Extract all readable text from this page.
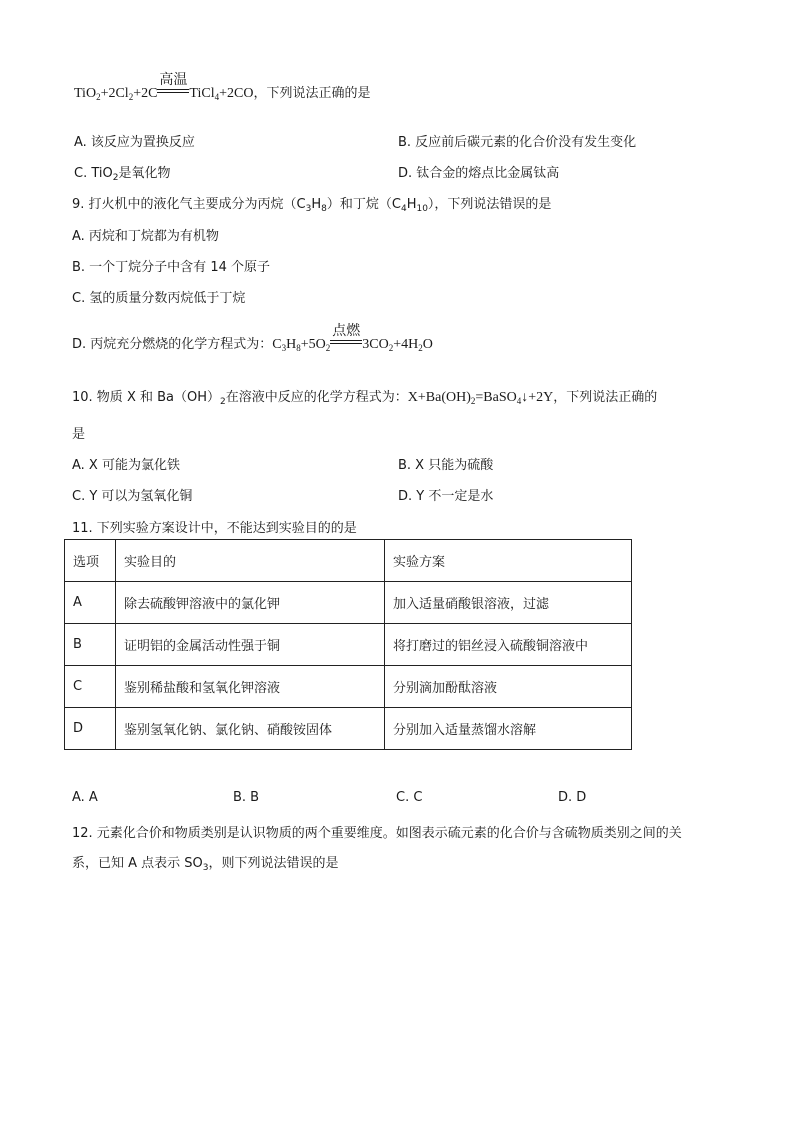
$TiO_2+2Cl_2+2C$
高温
TiCl$_4$+2CO，下列说法正确的是
A. 该反应为置换反应	B. 反应前后碳元素的化合价没有发生变化
C. TiO$_2$是氧化物	D. 钛合金的熔点比金属钛高
9. 打火机中的液化气主要成分为丙烷$(C_3H_8)$和丁烷$(C_4H_{10})$，下列说法错误的是
A. 丙烷和丁烷都为有机物
B. 一个丁烷分子中含有 14 个原子
C. 氢的质量分数丙烷低于丁烷
D. 丙烷充分燃烧的化学方程式为：$C_3H_8+5O_2$
点燃
$3CO_2+4H_2O$
10. 物质 X 和 $Ba(OH)_2$在溶液中反应的化学方程式为：$X+Ba(OH)_2=BaSO_4↓+2Y$，下列说法正确的
是
A. X 可能为氯化铁	B. X 只能为硫酸
C. Y 可以为氢氧化铜	D. Y 不一定是水
11. 下列实验方案设计中，不能达到实验目的的是
选项	实验目的	实验方案
A	除去硫酸钾溶液中的氯化钾	加入适量硝酸银溶液，过滤
B	证明铝的金属活动性强于铜	将打磨过的铝丝浸入硫酸铜溶液中
C	鉴别稀盐酸和氢氧化钾溶液	分别滴加酚酞溶液
D	鉴别氢氧化钠、氯化钠、硝酸铵固体	分别加入适量蒸馏水溶解
A. A	B. B	C. C	D. D
12. 元素化合价和物质类别是认识物质的两个重要维度。如图表示硫元素的化合价与含硫物质类别之间的关
系，已知 A 点表示 $SO_3$，则下列说法错误的是
